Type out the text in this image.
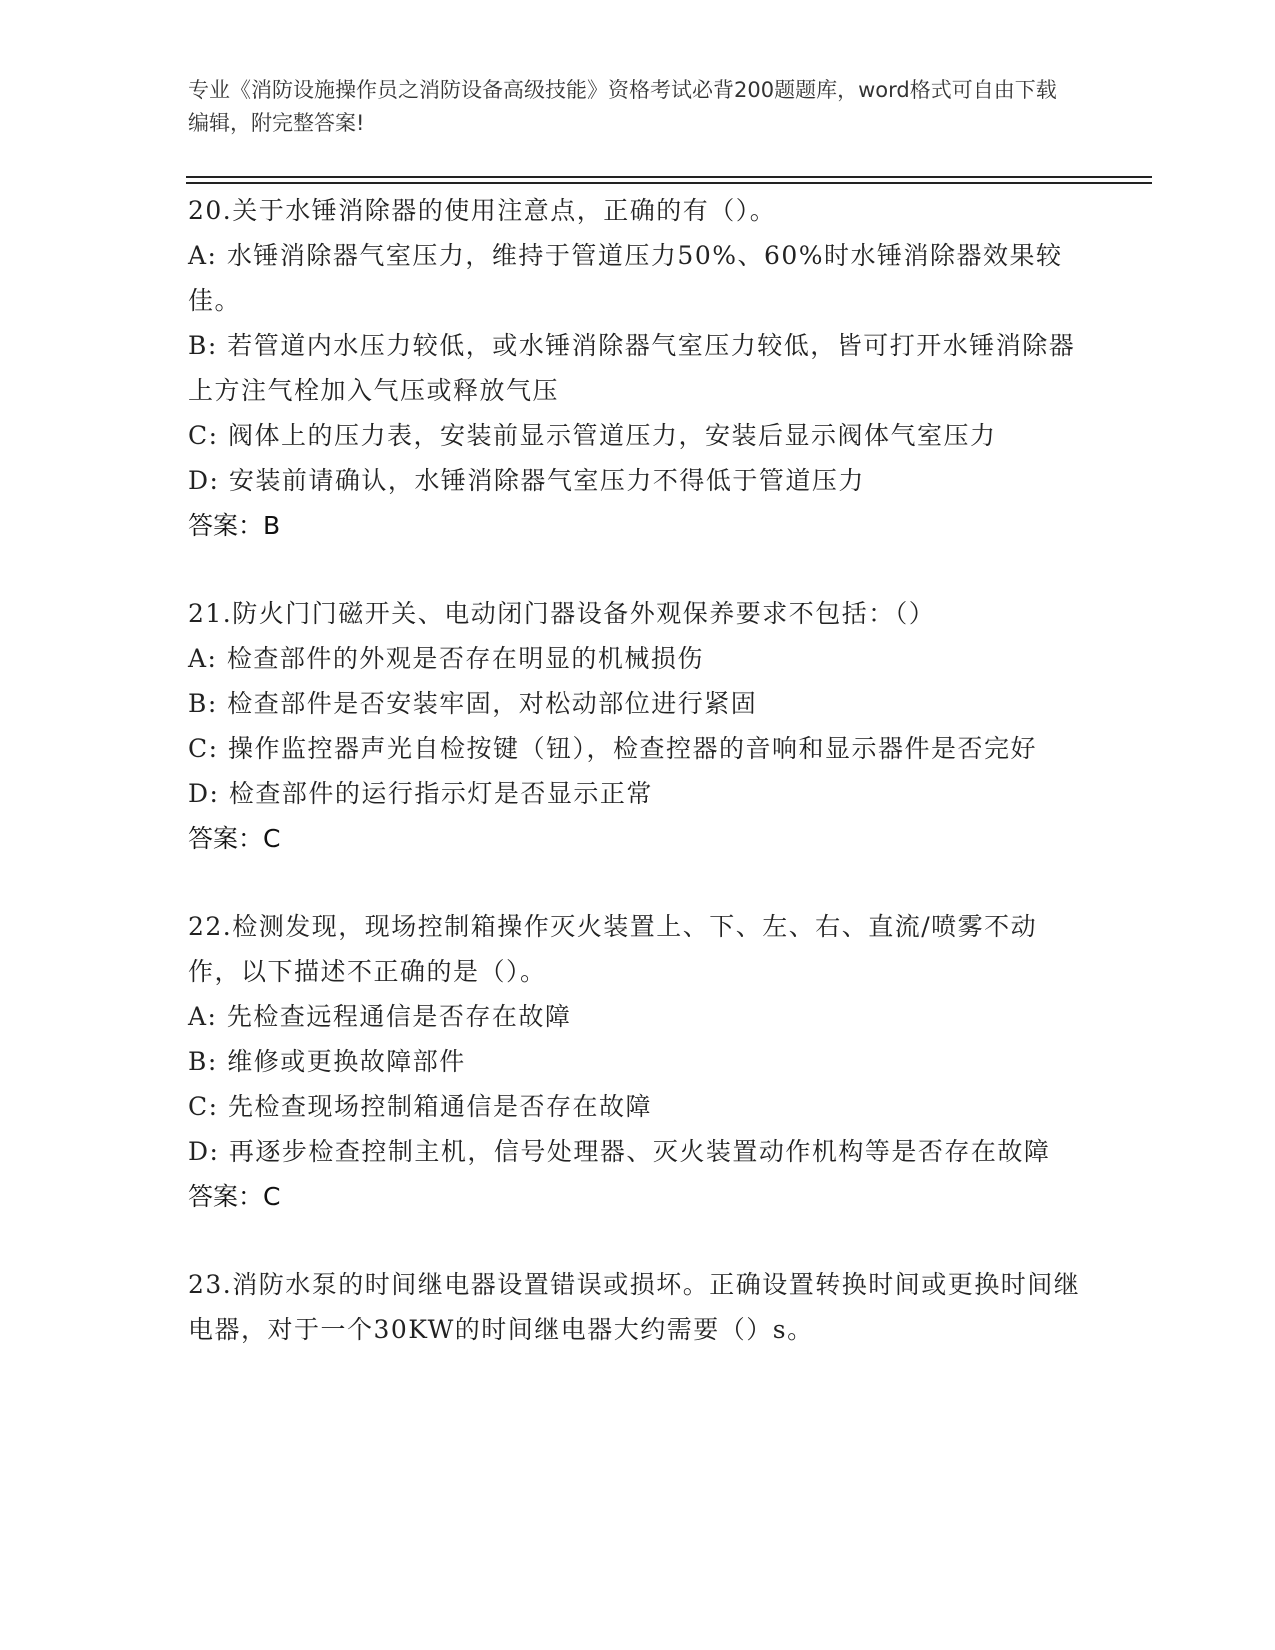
专业《消防设施操作员之消防设备高级技能》资格考试必背200题题库，word格式可自由下载编辑，附完整答案!
20.关于水锤消除器的使用注意点，正确的有（）。
A: 水锤消除器气室压力，维持于管道压力50%、60%时水锤消除器效果较佳。
B: 若管道内水压力较低，或水锤消除器气室压力较低，皆可打开水锤消除器上方注气栓加入气压或释放气压
C: 阀体上的压力表，安装前显示管道压力，安装后显示阀体气室压力
D: 安装前请确认，水锤消除器气室压力不得低于管道压力
答案：B
21.防火门门磁开关、电动闭门器设备外观保养要求不包括：（）
A: 检查部件的外观是否存在明显的机械损伤
B: 检查部件是否安装牢固，对松动部位进行紧固
C: 操作监控器声光自检按键（钮），检查控器的音响和显示器件是否完好
D: 检查部件的运行指示灯是否显示正常
答案：C
22.检测发现，现场控制箱操作灭火装置上、下、左、右、直流/喷雾不动作，以下描述不正确的是（）。
A: 先检查远程通信是否存在故障
B: 维修或更换故障部件
C: 先检查现场控制箱通信是否存在故障
D: 再逐步检查控制主机，信号处理器、灭火装置动作机构等是否存在故障
答案：C
23.消防水泵的时间继电器设置错误或损坏。正确设置转换时间或更换时间继电器，对于一个30KW的时间继电器大约需要（）s。
